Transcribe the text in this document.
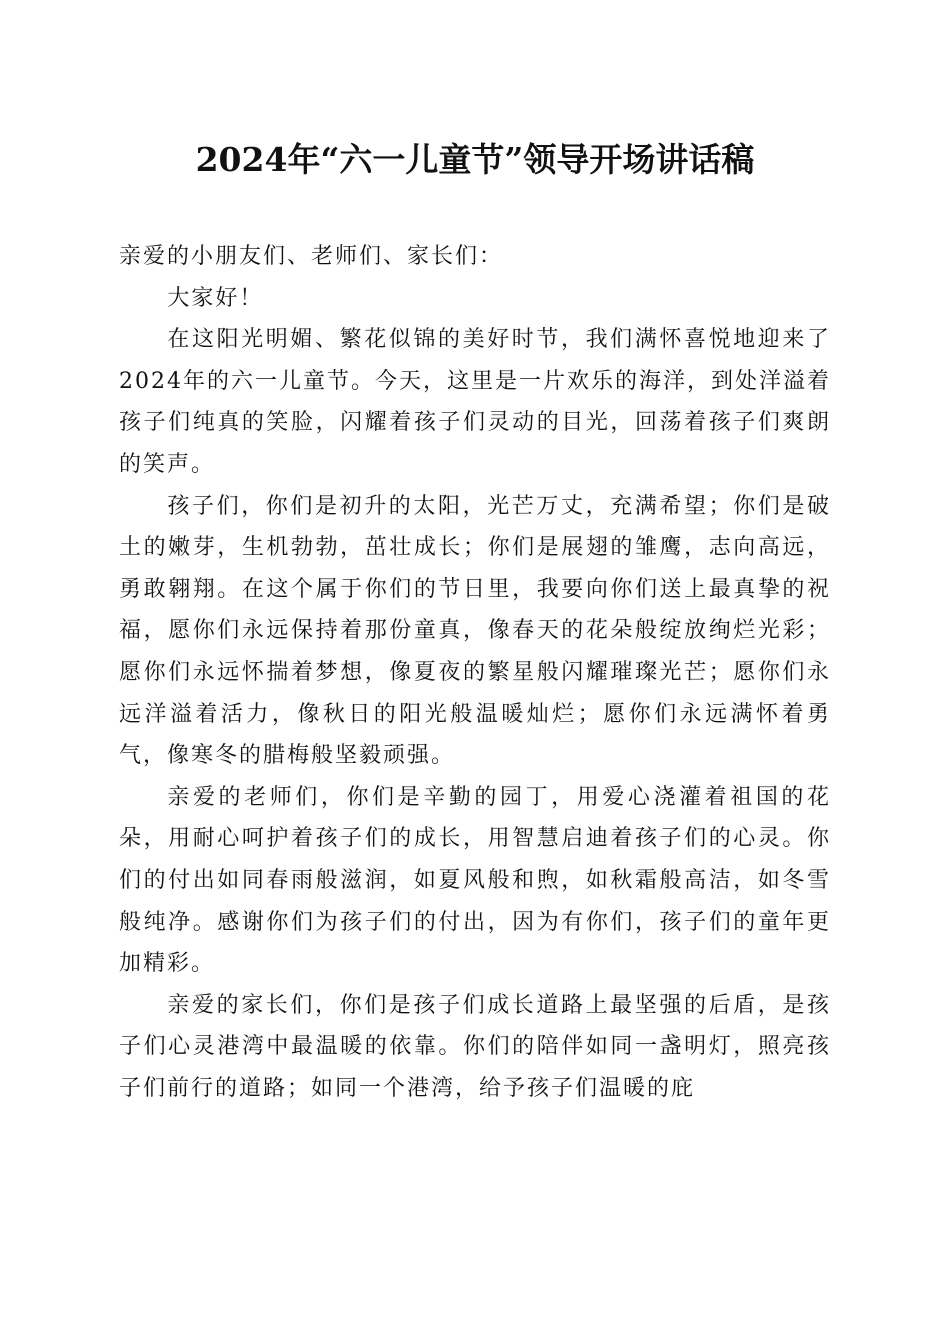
2024年“六一儿童节”领导开场讲话稿

亲爱的小朋友们、老师们、家长们：

大家好！

在这阳光明媚、繁花似锦的美好时节，我们满怀喜悦地迎来了2024年的六一儿童节。今天，这里是一片欢乐的海洋，到处洋溢着孩子们纯真的笑脸，闪耀着孩子们灵动的目光，回荡着孩子们爽朗的笑声。

孩子们，你们是初升的太阳，光芒万丈，充满希望；你们是破土的嫩芽，生机勃勃，茁壮成长；你们是展翅的雏鹰，志向高远，勇敢翱翔。在这个属于你们的节日里，我要向你们送上最真挚的祝福，愿你们永远保持着那份童真，像春天的花朵般绽放绚烂光彩；愿你们永远怀揣着梦想，像夏夜的繁星般闪耀璀璨光芒；愿你们永远洋溢着活力，像秋日的阳光般温暖灿烂；愿你们永远满怀着勇气，像寒冬的腊梅般坚毅顽强。

亲爱的老师们，你们是辛勤的园丁，用爱心浇灌着祖国的花朵，用耐心呵护着孩子们的成长，用智慧启迪着孩子们的心灵。你们的付出如同春雨般滋润，如夏风般和煦，如秋霜般高洁，如冬雪般纯净。感谢你们为孩子们的付出，因为有你们，孩子们的童年更加精彩。

亲爱的家长们，你们是孩子们成长道路上最坚强的后盾，是孩子们心灵港湾中最温暖的依靠。你们的陪伴如同一盏明灯，照亮孩子们前行的道路；如同一个港湾，给予孩子们温暖的庇
